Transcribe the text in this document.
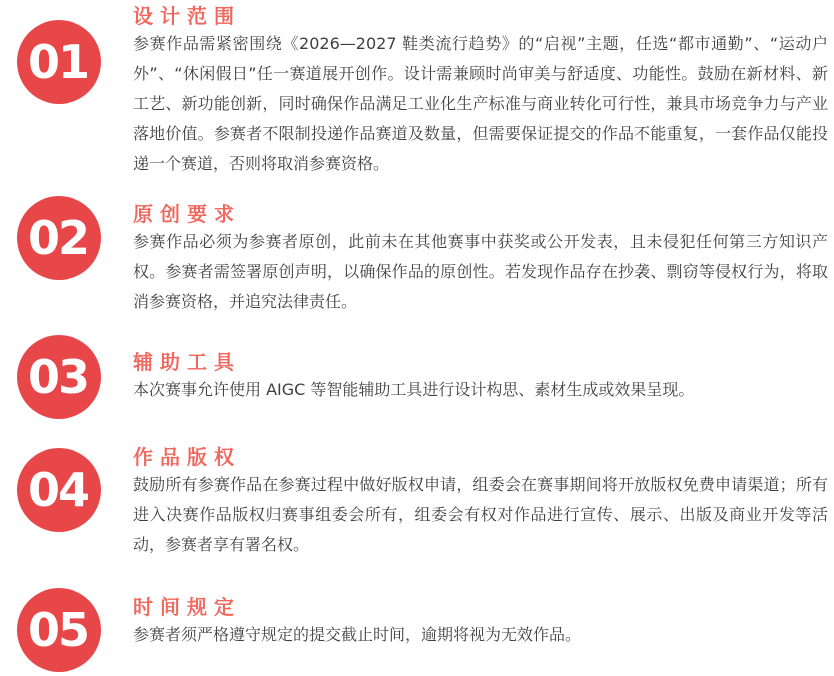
01
设计范围

参赛作品需紧密围绕《2026—2027 鞋类流行趋势》的“启视”主题，任选“都市通勤”、“运动户外”、“休闲假日”任一赛道展开创作。设计需兼顾时尚审美与舒适度、功能性。鼓励在新材料、新工艺、新功能创新，同时确保作品满足工业化生产标准与商业转化可行性，兼具市场竞争力与产业落地价值。参赛者不限制投递作品赛道及数量，但需要保证提交的作品不能重复，一套作品仅能投递一个赛道，否则将取消参赛资格。

02 原创要求

参赛作品必须为参赛者原创，此前未在其他赛事中获奖或公开发表，且未侵犯任何第三方知识产权。参赛者需签署原创声明，以确保作品的原创性。若发现作品存在抄袭、剽窃等侵权行为，将取消参赛资格，并追究法律责任。

03 辅助工具

本次赛事允许使用 AIGC 等智能辅助工具进行设计构思、素材生成或效果呈现。

04
作品版权

鼓励所有参赛作品在参赛过程中做好版权申请，组委会在赛事期间将开放版权免费申请渠道；所有进入决赛作品版权归赛事组委会所有，组委会有权对作品进行宣传、展示、出版及商业开发等活动，参赛者享有署名权。

05 时间规定

参赛者须严格遵守规定的提交截止时间，逾期将视为无效作品。
